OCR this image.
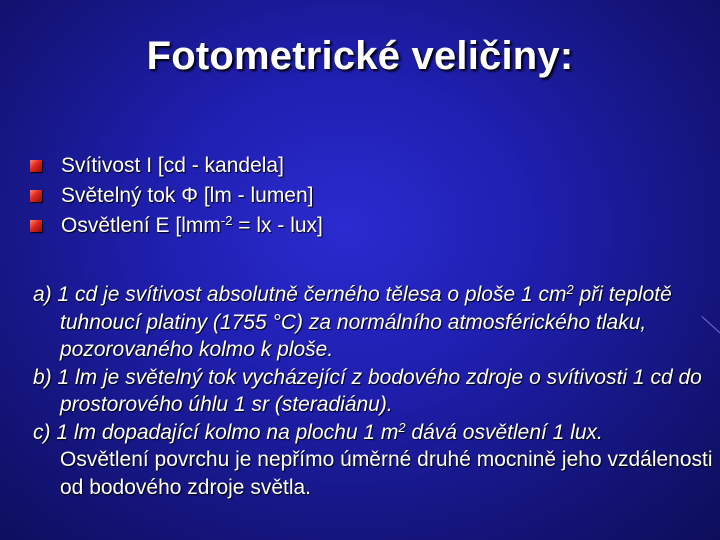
Fotometrické veličiny:
Svítivost I [cd - kandela]
Světelný tok Φ [lm - lumen]
Osvětlení E [lmm$^{-2}$ = lx - lux]
a) 1 cd je svítivost absolutně černého tělesa o ploše 1 $cm^2$ při teplotě tuhnoucí platiny (1755 °C) za normálního atmosférického tlaku, pozorovaného kolmo k ploše.
b) 1 lm je světelný tok vycházející z bodového zdroje o svítivosti 1 cd do prostorového úhlu 1 sr (steradiánu).
c) 1 lm dopadající kolmo na plochu 1 $m^2$ dává osvětlení 1 lux.
Osvětlení povrchu je nepřímo úměrné druhé mocnině jeho vzdálenosti od bodového zdroje světla.
